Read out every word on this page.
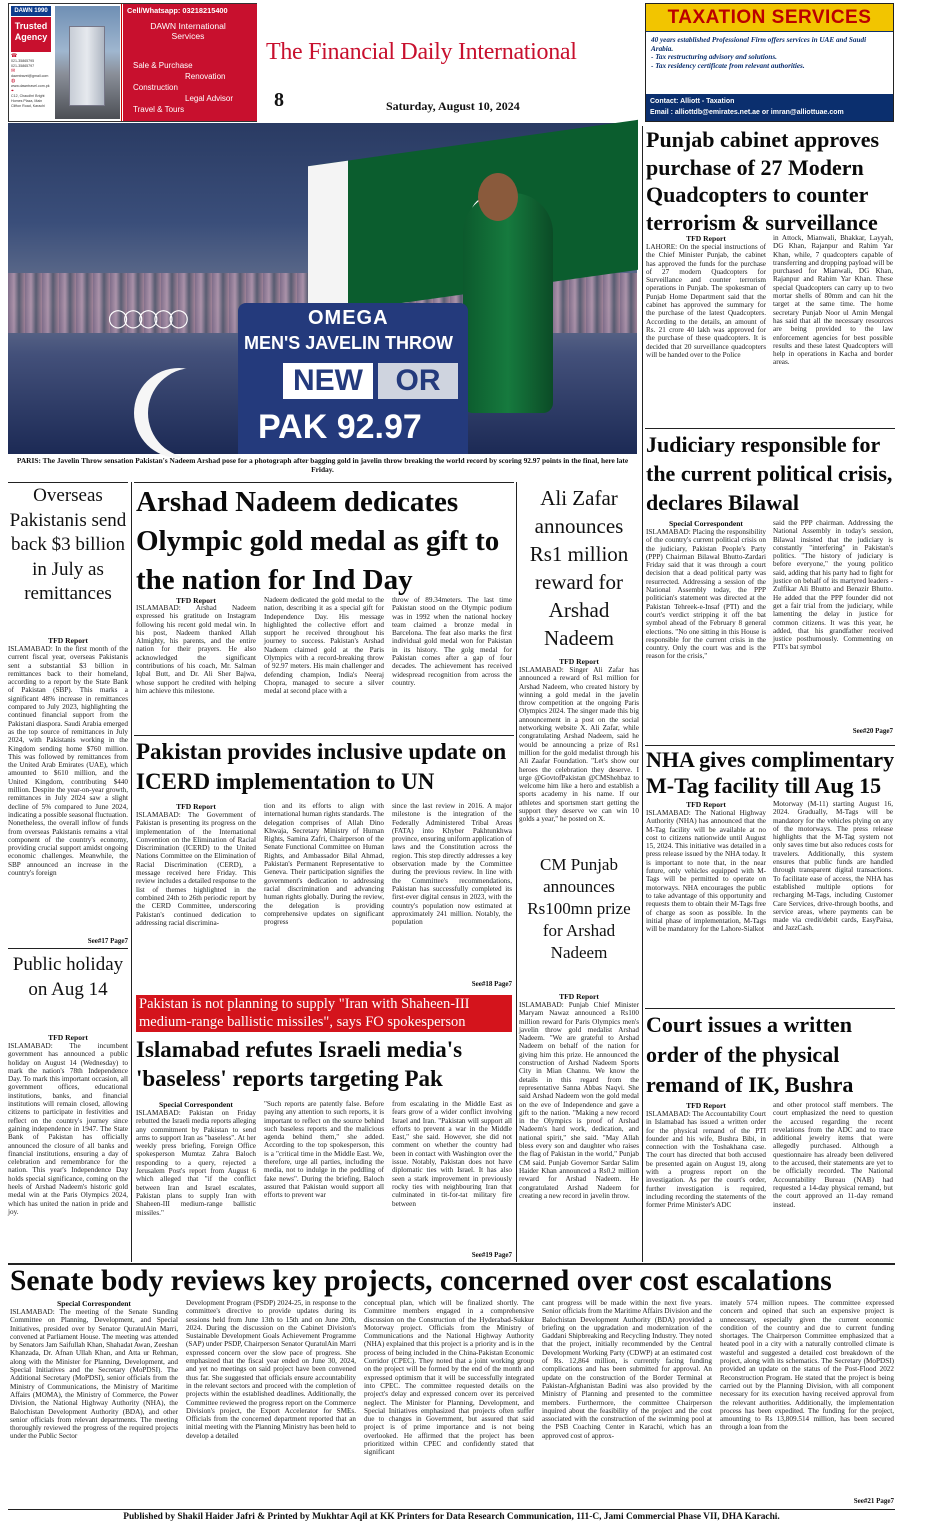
DAWN 1990
Trusted
Agency
☎
021-35865795
021-35865797
✉
dawntravel@gmail.com
◍
www.dawntravel.com.pk
⌖
C12, Chaudhri Bright Homes Plaza, Main Clifton Road, Karachi
Cell/Whatsapp: 03218215400
DAWN International Services
Sale & Purchase
Renovation
Construction
Legal Advisor
Travel & Tours
The Financial Daily International
8	Saturday, August 10, 2024
TAXATION SERVICES
40 years established Professional Firm offers services in UAE and Saudi Arabia.
- Tax restructuring advisory and solutions.
- Tax residency certificate from relevant authorities.
Contact: Alliott - Taxation
Email : alliottdb@emirates.net.ae or imran@alliottuae.com
OMEGA
MEN'S JAVELIN THROW
NEW	OR
PAK 92.97
◯◯◯◯◯
PARIS: The Javelin Throw sensation Pakistan's Nadeem Arshad pose for a photograph after bagging gold in javelin throw breaking the world record by scoring 92.97 points in the final, here late Friday.
Punjab cabinet approves purchase of 27 Modern Quadcopters to counter terrorism & surveillance
TFD Report
LAHORE: On the special instructions of the Chief Minister Punjab, the cabinet has approved the funds for the purchase of 27 modern Quadcopters for Surveillance and counter terrorism operations in Punjab. The spokesman of Punjab Home Department said that the cabinet has approved the summary for the purchase of the latest Quadcopters. According to the details, an amount of Rs. 21 crore 40 lakh was approved for the purchase of these quadcopters. It is decided that 20 surveillance quadcopters will be handed over to the Police
in Attock, Mianwali, Bhakkar, Layyah, DG Khan, Rajanpur and Rahim Yar Khan, while, 7 quadcopters capable of transferring and dropping payload will be purchased for Mianwali, DG Khan, Rajanpur and Rahim Yar Khan. These special Quadcopters can carry up to two mortar shells of 80mm and can hit the target at the same time. The home secretary Punjab Noor ul Amin Mengal has said that all the necessary resources are being provided to the law enforcement agencies for best possible results and these latest Quadcopters will help in operations in Kacha and border areas.
Judiciary responsible for the current political crisis, declares Bilawal
Special Correspondent
ISLAMABAD: Placing the responsibility of the country's current political crisis on the judiciary, Pakistan People's Party (PPP) Chairman Bilawal Bhutto-Zardari Friday said that it was through a court decision that a dead political party was resurrected. Addressing a session of the National Assembly today, the PPP politician's statement was directed at the Pakistan Tehreek-e-Insaf (PTI) and the court's verdict stripping it off the bat symbol ahead of the February 8 general elections. "No one sitting in this House is responsible for the current crisis in the country. Only the court was and is the reason for the crisis,"
said the PPP chairman. Addressing the National Assembly in today's session, Bilawal insisted that the judiciary is constantly "interfering" in Pakistan's politics. "The history of judiciary is before everyone," the young politico said, adding that his party had to fight for justice on behalf of its martyred leaders - Zulfikar Ali Bhutto and Benazir Bhutto. He added that the PPP founder did not get a fair trial from the judiciary, while lamenting the delay in justice for common citizens. It was this year, he added, that his grandfather received justice posthumously. Commenting on PTI's bat symbol
See#20 Page7
NHA gives complimentary M-Tag facility till Aug 15
TFD Report
ISLAMABAD: The National Highway Authority (NHA) has announced that the M-Tag facility will be available at no cost to citizens nationwide until August 15, 2024. This initiative was detailed in a press release issued by the NHA today. It is important to note that, in the near future, only vehicles equipped with M-Tags will be permitted to operate on motorways. NHA encourages the public to take advantage of this opportunity and requests them to obtain their M-Tags free of charge as soon as possible. In the initial phase of implementation, M-Tags will be mandatory for the Lahore-Sialkot
Motorway (M-11) starting August 16, 2024. Gradually, M-Tags will be mandatory for the vehicles plying on any of the motorways. The press release highlights that the M-Tag system not only saves time but also reduces costs for travelers. Additionally, this system ensures that public funds are handled through transparent digital transactions. To facilitate ease of access, the NHA has established multiple options for recharging M-Tags, including Customer Care Services, drive-through booths, and service areas, where payments can be made via credit/debit cards, EasyPaisa, and JazzCash.
Court issues a written order of the physical remand of IK, Bushra
TFD Report
ISLAMABAD: The Accountability Court in Islamabad has issued a written order for the physical remand of the PTI founder and his wife, Bushra Bibi, in connection with the Toshakhana case. The court has directed that both accused be presented again on August 19, along with a progress report on the investigation. As per the court's order, further investigation is required, including recording the statements of the former Prime Minister's ADC
and other protocol staff members. The court emphasized the need to question the accused regarding the recent revelations from the ADC and to trace additional jewelry items that were allegedly purchased. Although a questionnaire has already been delivered to the accused, their statements are yet to be officially recorded. The National Accountability Bureau (NAB) had requested a 14-day physical remand, but the court approved an 11-day remand instead.
Overseas Pakistanis send back $3 billion in July as remittances
TFD Report
ISLAMABAD: In the first month of the current fiscal year, overseas Pakistanis sent a substantial $3 billion in remittances back to their homeland, according to a report by the State Bank of Pakistan (SBP). This marks a significant 48% increase in remittances compared to July 2023, highlighting the continued financial support from the Pakistani diaspora. Saudi Arabia emerged as the top source of remittances in July 2024, with Pakistanis working in the Kingdom sending home $760 million. This was followed by remittances from the United Arab Emirates (UAE), which amounted to $610 million, and the United Kingdom, contributing $440 million. Despite the year-on-year growth, remittances in July 2024 saw a slight decline of 5% compared to June 2024, indicating a possible seasonal fluctuation. Nonetheless, the overall inflow of funds from overseas Pakistanis remains a vital component of the country's economy, providing crucial support amidst ongoing economic challenges. Meanwhile, the SBP announced an increase in the country's foreign
See#17 Page7
Public holiday on Aug 14
TFD Report
ISLAMABAD: The incumbent government has announced a public holiday on August 14 (Wednesday) to mark the nation's 78th Independence Day. To mark this important occasion, all government offices, educational institutions, banks, and financial institutions will remain closed, allowing citizens to participate in festivities and reflect on the country's journey since gaining independence in 1947. The State Bank of Pakistan has officially announced the closure of all banks and financial institutions, ensuring a day of celebration and remembrance for the nation. This year's Independence Day holds special significance, coming on the heels of Arshad Nadeem's historic gold medal win at the Paris Olympics 2024, which has united the nation in pride and joy.
Arshad Nadeem dedicates Olympic gold medal as gift to the nation for Ind Day
TFD Report
ISLAMABAD: Arshad Nadeem expressed his gratitude on Instagram following his recent gold medal win. In his post, Nadeem thanked Allah Almighty, his parents, and the entire nation for their prayers. He also acknowledged the significant contributions of his coach, Mr. Salman Iqbal Butt, and Dr. Ali Sher Bajwa, whose support he credited with helping him achieve this milestone.
Nadeem dedicated the gold medal to the nation, describing it as a special gift for Independence Day. His message highlighted the collective effort and support he received throughout his journey to success. Pakistan's Arshad Nadeem claimed gold at the Paris Olympics with a record-breaking throw of 92.97 meters. His main challenger and defending champion, India's Neeraj Chopra, managed to secure a silver medal at second place with a
throw of 89.34meters. The last time Pakistan stood on the Olympic podium was in 1992 when the national hockey team claimed a bronze medal in Barcelona. The feat also marks the first individual gold medal won for Pakistan in its history. The golg medal for Pakistan comes after a gap of four decades. The achievement has received widespread recognition from across the country.
Pakistan provides inclusive update on ICERD implementation to UN
TFD Report
ISLAMABAD: The Government of Pakistan is presenting its progress on the implementation of the International Convention on the Elimination of Racial Discrimination (ICERD) to the United Nations Committee on the Elimination of Racial Discrimination (CERD), a message received here Friday. This review includes a detailed response to the list of themes highlighted in the combined 24th to 26th periodic report by the CERD Committee, underscoring Pakistan's continued dedication to addressing racial discrimina-
tion and its efforts to align with international human rights standards. The delegation comprises of Allah Dino Khwaja, Secretary Ministry of Human Rights, Samina Zafri, Chairperson of the Senate Functional Committee on Human Rights, and Ambassador Bilal Ahmad, Pakistan's Permanent Representative to Geneva. Their participation signifies the government's dedication to addressing racial discrimination and advancing human rights globally. During the review, the delegation is providing comprehensive updates on significant progress
since the last review in 2016. A major milestone is the integration of the Federally Administered Tribal Areas (FATA) into Khyber Pakhtunkhwa province, ensuring uniform application of laws and the Constitution across the region. This step directly addresses a key observation made by the Committee during the previous review. In line with the Committee's recommendations, Pakistan has successfully completed its first-ever digital census in 2023, with the country's population now estimated at approximately 241 million. Notably, the population
See#18 Page7
Pakistan is not planning to supply "Iran with Shaheen-III medium-range ballistic missiles", says FO spokesperson
Islamabad refutes Israeli media's 'baseless' reports targeting Pak
Special Correspondent
ISLAMABAD: Pakistan on Friday rebutted the Israeli media reports alleging any commitment by Pakistan to send arms to support Iran as "baseless". At her weekly press briefing, Foreign Office spokesperson Mumtaz Zahra Baloch responding to a query, rejected a Jerusalem Post's report from August 6 which alleged that "if the conflict between Iran and Israel escalates, Pakistan plans to supply Iran with Shaheen-III medium-range ballistic missiles."
"Such reports are patently false. Before paying any attention to such reports, it is important to reflect on the source behind such baseless reports and the malicious agenda behind them," she added. According to the top spokesperson, this is a "critical time in the Middle East. We, therefore, urge all parties, including the media, not to indulge in the peddling of fake news". During the briefing, Baloch assured that Pakistan would support all efforts to prevent war
from escalating in the Middle East as fears grow of a wider conflict involving Israel and Iran. "Pakistan will support all efforts to prevent a war in the Middle East," she said. However, she did not comment on whether the country had been in contact with Washington over the issue. Notably, Pakistan does not have diplomatic ties with Israel. It has also seen a stark improvement in previously rocky ties with neighbouring Iran that culminated in tit-for-tat military fire between
See#19 Page7
Ali Zafar announces Rs1 million reward for Arshad Nadeem
TFD Report
ISLAMABAD: Singer Ali Zafar has announced a reward of Rs1 million for Arshad Nadeem, who created history by winning a gold medal in the javelin throw competition at the ongoing Paris Olympics 2024. The singer made this big announcement in a post on the social networking website X. Ali Zafar, while congratulating Arshad Nadeem, said he would be announcing a prize of Rs1 million for the gold medalist through his Ali Zaafar Foundation. "Let's show our heroes the celebration they deserve. I urge @GovtofPakistan @CMShehbaz to welcome him like a hero and establish a sports academy in his name. If our athletes and sportsmen start getting the support they deserve we can win 10 golds a year," he posted on X.
CM Punjab announces Rs100mn prize for Arshad Nadeem
TFD Report
ISLAMABAD: Punjab Chief Minister Maryam Nawaz announced a Rs100 million reward for Paris Olympics men's javelin throw gold medalist Arshad Nadeem. "We are grateful to Arshad Nadeem on behalf of the nation for giving him this prize. He announced the construction of Arshad Nadeem Sports City in Mian Channu. We know the details in this regard from the representative Sanna Abbas Naqvi. She said Arshad Nadeem won the gold medal on the eve of Independence and gave a gift to the nation. "Making a new record in the Olympics is proof of Arshad Nadeem's hard work, dedication, and national spirit," she said. "May Allah bless every son and daughter who raises the flag of Pakistan in the world," Punjab CM said. Punjab Governor Sardar Salim Haider Khan announced a Rs0.2 million reward for Arshad Nadeem. He congratulated Arshad Nadeem for creating a new record in javelin throw.
Senate body reviews key projects, concerned over cost escalations
Special Correspondent
ISLAMABAD: The meeting of the Senate Standing Committee on Planning, Development, and Special Initiatives, presided over by Senator QuratulAin Marri, convened at Parliament House. The meeting was attended by Senators Jam Saifullah Khan, Shahadat Awan, Zeeshan Khanzada, Dr. Afnan Ullah Khan, and Atta ur Rehman, along with the Minister for Planning, Development, and Special Initiatives and the Secretary (MoPDSI). The Additional Secretary (MoPDSI), senior officials from the Ministry of Communications, the Ministry of Maritime Affairs (MOMA), the Ministry of Commerce, the Power Division, the National Highway Authority (NHA), the Balochistan Development Authority (BDA), and other senior officials from relevant departments. The meeting thoroughly reviewed the progress of the required projects under the Public Sector
Development Program (PSDP) 2024-25, in response to the committee's directive to provide updates during its sessions held from June 13th to 15th and on June 20th, 2024. During the discussion on the Cabinet Division's Sustainable Development Goals Achievement Programme (SAP) under PSDP, Chairperson Senator QuratulAin Marri expressed concern over the slow pace of progress. She emphasized that the fiscal year ended on June 30, 2024, and yet no meetings on said project have been convened thus far. She suggested that officials ensure accountability in the relevant sectors and proceed with the completion of projects within the established deadlines. Additionally, the Committee reviewed the progress report on the Commerce Division's project, the Export Accelerator for SMEs. Officials from the concerned department reported that an initial meeting with the Planning Ministry has been held to develop a detailed
conceptual plan, which will be finalized shortly. The Committee members engaged in a comprehensive discussion on the Construction of the Hyderabad-Sukkur Motorway project. Officials from the Ministry of Communications and the National Highway Authority (NHA) explained that this project is a priority and is in the process of being included in the China-Pakistan Economic Corridor (CPEC). They noted that a joint working group on the project will be formed by the end of the month and expressed optimism that it will be successfully integrated into CPEC. The committee requested details on the project's delay and expressed concern over its perceived neglect. The Minister for Planning, Development, and Special Initiatives emphasized that projects often suffer due to changes in Government, but assured that said project is of prime importance and is not being overlooked. He affirmed that the project has been prioritized within CPEC and confidently stated that significant
cant progress will be made within the next five years. Senior officials from the Maritime Affairs Division and the Balochistan Development Authority (BDA) provided a briefing on the upgradation and modernization of the Gaddani Shipbreaking and Recycling Industry. They noted that the project, initially recommended by the Central Development Working Party (CDWP) at an estimated cost of Rs. 12,864 million, is currently facing funding complications and has been submitted for approval. An update on the construction of the Border Terminal at Pakistan-Afghanistan Badini was also provided by the Ministry of Planning and presented to the committee members. Furthermore, the committee Chairperson inquired about the feasibility of the project and the cost associated with the construction of the swimming pool at the PSB Coaching Center in Karachi, which has an approved cost of approx-
imately 574 million rupees. The committee expressed concern and opined that such an expensive project is unnecessary, especially given the current economic condition of the country and due to current funding shortages. The Chairperson Committee emphasized that a heated pool in a city with a naturally controlled climate is wasteful and suggested a detailed cost breakdown of the project, along with its schematics. The Secretary (MoPDSI) provided an update on the status of the Post-Flood 2022 Reconstruction Program. He stated that the project is being carried out by the Planning Division, with all component necessary for its execution having received approval from the relevant authorities. Additionally, the implementation process has been expedited. The funding for the project, amounting to Rs 13,809.514 million, has been secured through a loan from the
See#21 Page7
Published by Shakil Haider Jafri & Printed by Mukhtar Aqil at KK Printers for Data Research Communication, 111-C, Jami Commercial Phase VII, DHA Karachi.
